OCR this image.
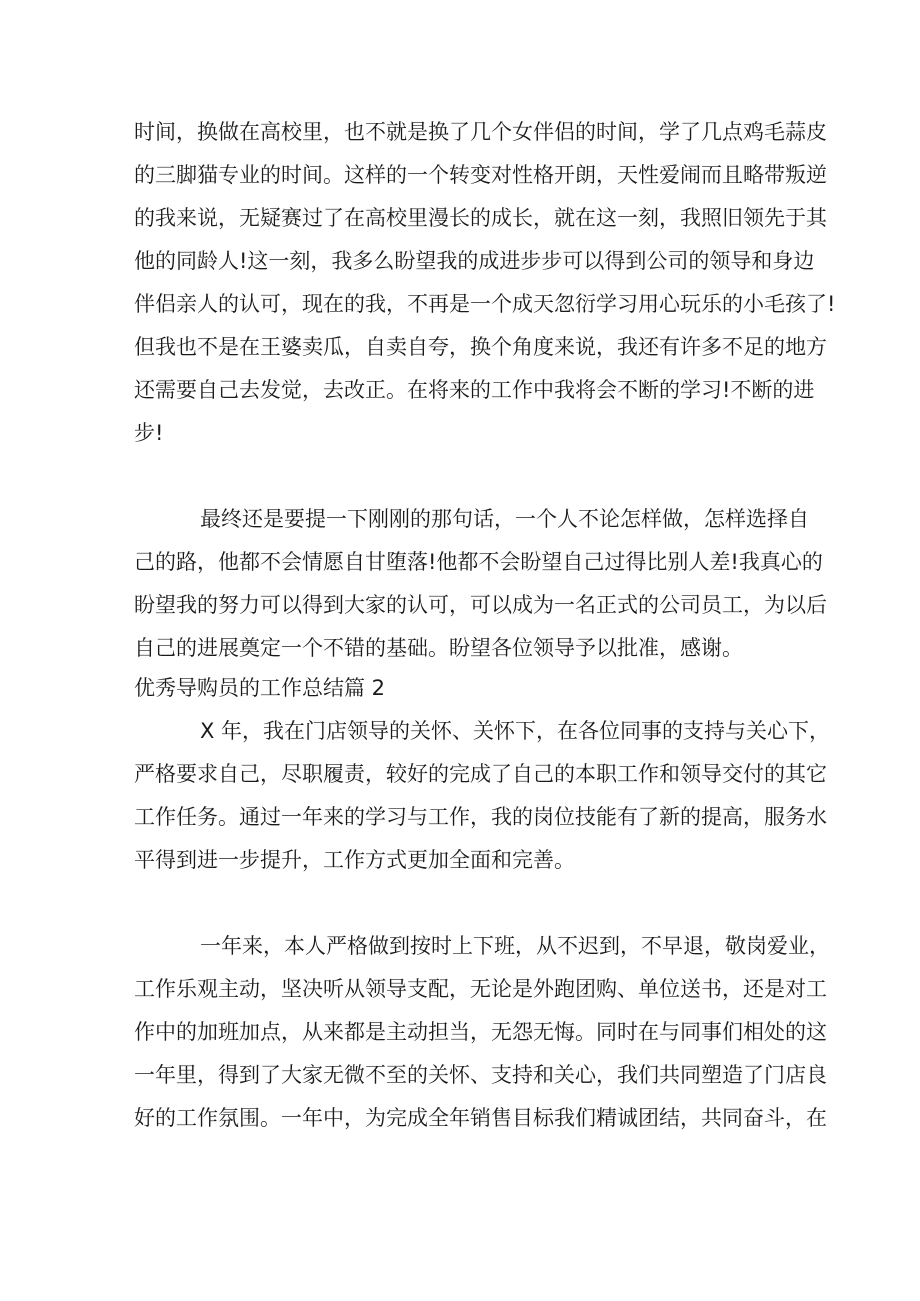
时间，换做在高校里，也不就是换了几个女伴侣的时间，学了几点鸡毛蒜皮

的三脚猫专业的时间。这样的一个转变对性格开朗，天性爱闹而且略带叛逆

的我来说，无疑赛过了在高校里漫长的成长，就在这一刻，我照旧领先于其

他的同龄人!这一刻，我多么盼望我的成进步步可以得到公司的领导和身边

伴侣亲人的认可，现在的我，不再是一个成天忽衍学习用心玩乐的小毛孩了!

但我也不是在王婆卖瓜，自卖自夸，换个角度来说，我还有许多不足的地方

还需要自己去发觉，去改正。在将来的工作中我将会不断的学习!不断的进

步!

最终还是要提一下刚刚的那句话，一个人不论怎样做，怎样选择自

己的路，他都不会情愿自甘堕落!他都不会盼望自己过得比别人差!我真心的

盼望我的努力可以得到大家的认可，可以成为一名正式的公司员工，为以后

自己的进展奠定一个不错的基础。盼望各位领导予以批准，感谢。

优秀导购员的工作总结篇 2

X 年，我在门店领导的关怀、关怀下，在各位同事的支持与关心下，

严格要求自己，尽职履责，较好的完成了自己的本职工作和领导交付的其它

工作任务。通过一年来的学习与工作，我的岗位技能有了新的提高，服务水

平得到进一步提升，工作方式更加全面和完善。

一年来，本人严格做到按时上下班，从不迟到，不早退，敬岗爱业，

工作乐观主动，坚决听从领导支配，无论是外跑团购、单位送书，还是对工

作中的加班加点，从来都是主动担当，无怨无悔。同时在与同事们相处的这

一年里，得到了大家无微不至的关怀、支持和关心，我们共同塑造了门店良

好的工作氛围。一年中，为完成全年销售目标我们精诚团结，共同奋斗，在
